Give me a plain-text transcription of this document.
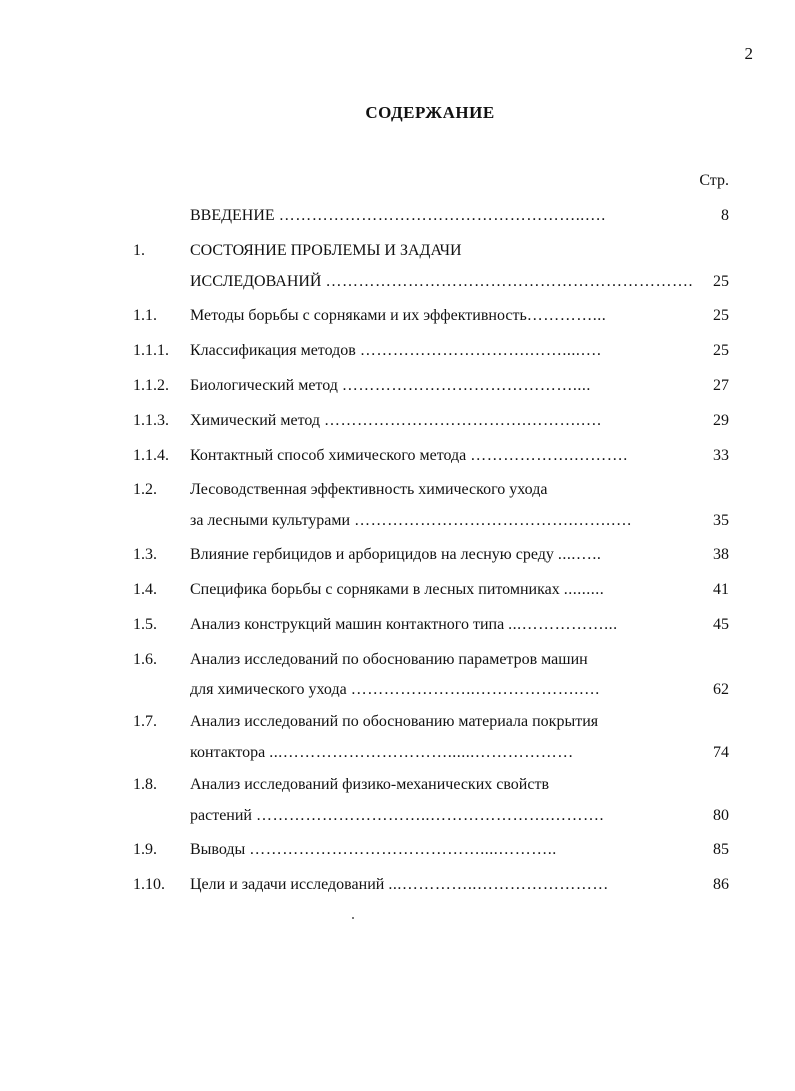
2
СОДЕРЖАНИЕ
Стр.
ВВЕДЕНИЕ ………………………………………………..….	8
1.	СОСТОЯНИЕ ПРОБЛЕМЫ И ЗАДАЧИ
ИССЛЕДОВАНИЙ …………………………………………………………. 25
1.1. Методы борьбы с сорняками и их эффективность…………...	25
1.1.1. Классификация методов ………………………….……....….	25
1.1.2. Биологический метод ……………………………………....	27
1.1.3. Химический метод ……………………………….……….….	29
1.1.4. Контактный способ химического метода ……………….……….	33
1.2. Лесоводственная эффективность химического ухода
за лесными культурами ………………………………….…….….	35
1.3. Влияние гербицидов и арборицидов на лесную среду ....…..	38
1.4. Специфика борьбы с сорняками в лесных питомниках .........	41
1.5. Анализ конструкций машин контактного типа ...……………...	45
1.6. Анализ исследований по обоснованию параметров машин
для химического ухода …………………..……………….….	62
1.7. Анализ исследований по обоснованию материала покрытия
контактора ...…………………………......………………	74
1.8. Анализ исследований физико-механических свойств
растений …………………………..………………….……….	80
1.9. Выводы ……………………………………....………..	85
1.10. Цели и задачи исследований ...…………..……………………	86
